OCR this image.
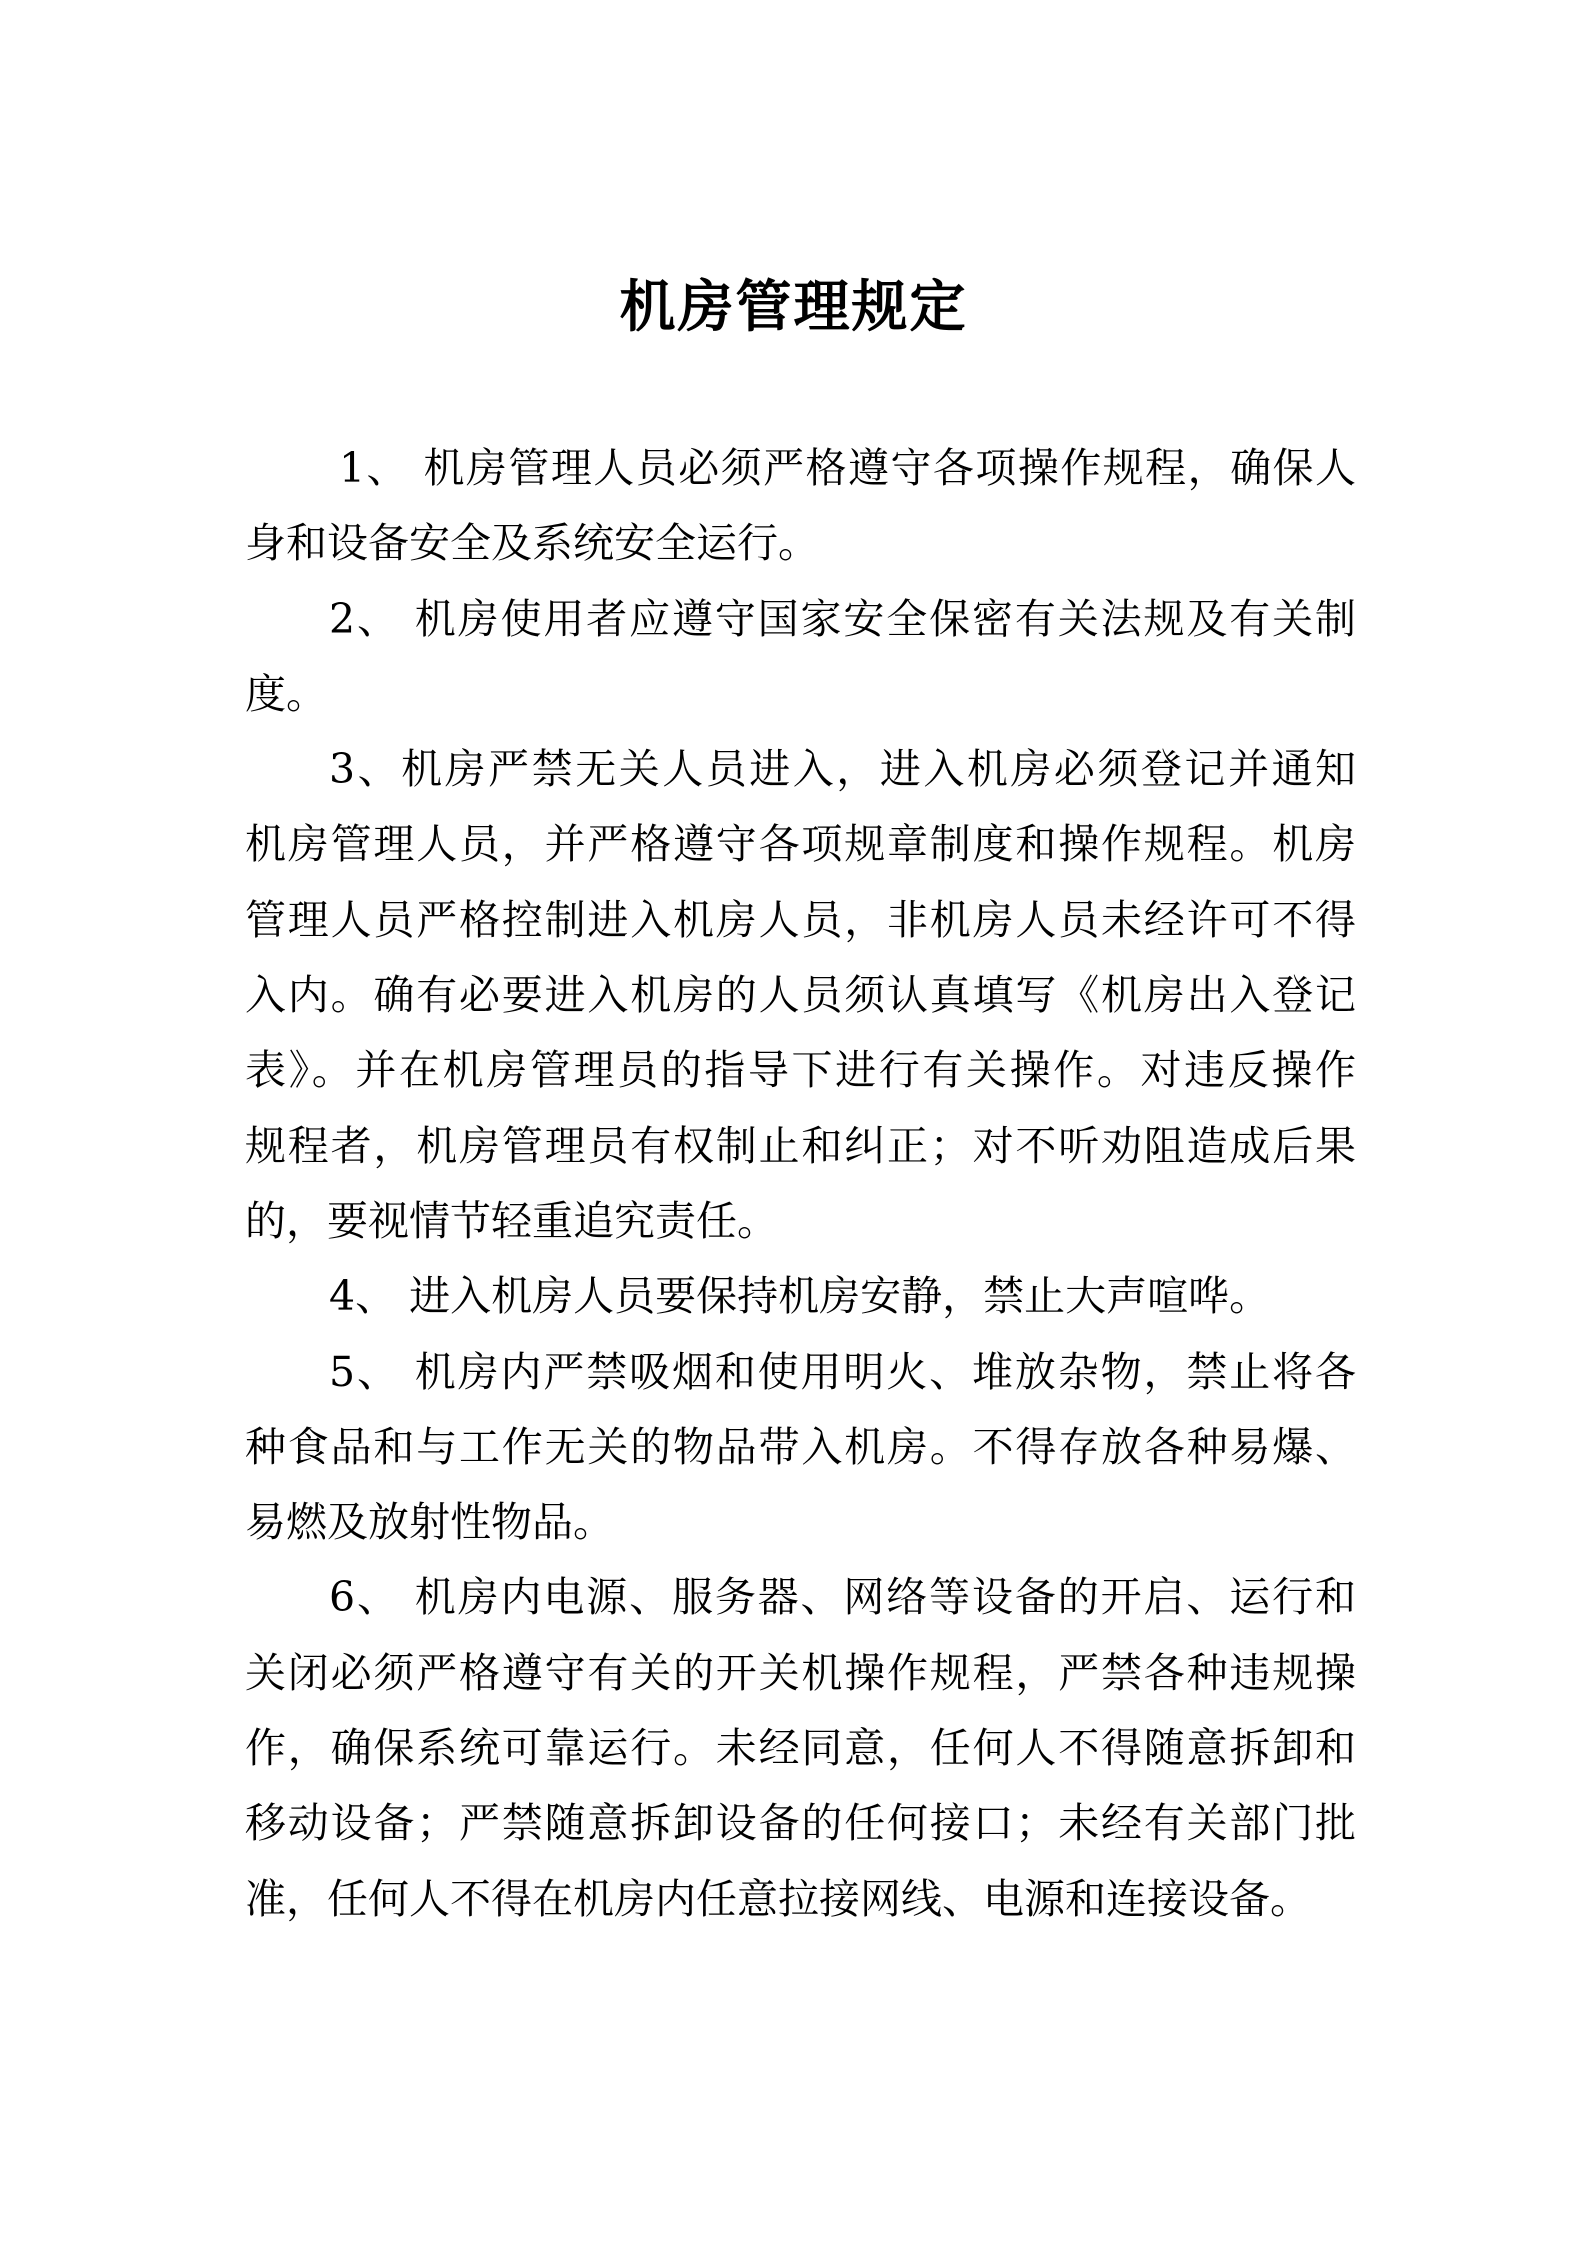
机房管理规定
1、 机房管理人员必须严格遵守各项操作规程，确保人
身和设备安全及系统安全运行。
2、 机房使用者应遵守国家安全保密有关法规及有关制
度。
3、机房严禁无关人员进入，进入机房必须登记并通知
机房管理人员，并严格遵守各项规章制度和操作规程。机房
管理人员严格控制进入机房人员，非机房人员未经许可不得
入内。确有必要进入机房的人员须认真填写《机房出入登记
表》。并在机房管理员的指导下进行有关操作。对违反操作
规程者，机房管理员有权制止和纠正；对不听劝阻造成后果
的，要视情节轻重追究责任。
4、 进入机房人员要保持机房安静，禁止大声喧哗。
5、 机房内严禁吸烟和使用明火、堆放杂物，禁止将各
种食品和与工作无关的物品带入机房。不得存放各种易爆、
易燃及放射性物品。
6、 机房内电源、服务器、网络等设备的开启、运行和
关闭必须严格遵守有关的开关机操作规程，严禁各种违规操
作，确保系统可靠运行。未经同意，任何人不得随意拆卸和
移动设备；严禁随意拆卸设备的任何接口；未经有关部门批
准，任何人不得在机房内任意拉接网线、电源和连接设备。
